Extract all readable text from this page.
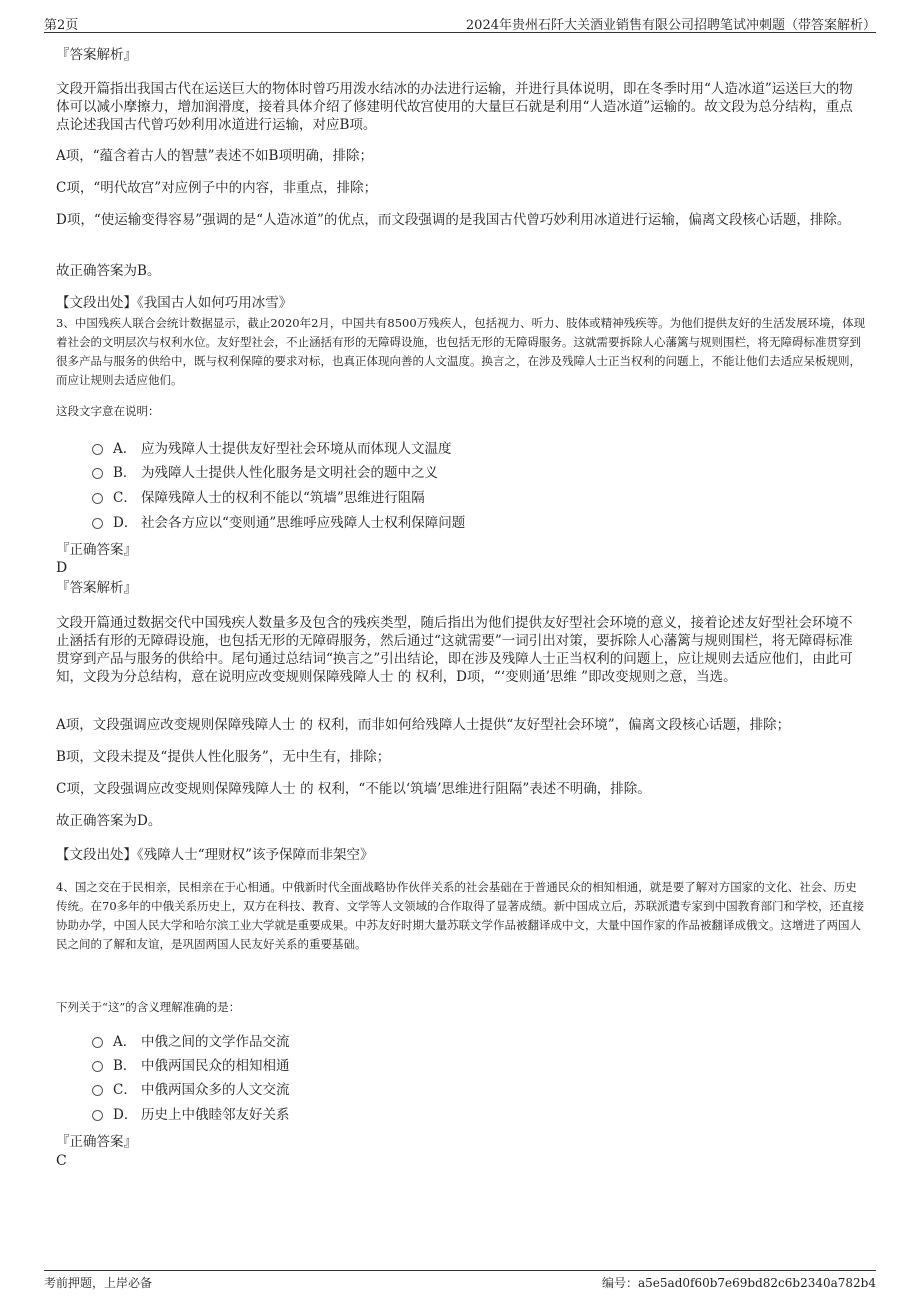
第2页	2024年贵州石阡大关酒业销售有限公司招聘笔试冲刺题（带答案解析）
『答案解析』
文段开篇指出我国古代在运送巨大的物体时曾巧用泼水结冰的办法进行运输，并进行具体说明，即在冬季时用“人造冰道”运送巨大的物体可以减小摩擦力，增加润滑度，接着具体介绍了修建明代故宫使用的大量巨石就是利用“人造冰道”运输的。故文段为总分结构，重点点论述我国古代曾巧妙利用冰道进行运输，对应B项。
A项，“蕴含着古人的智慧”表述不如B项明确，排除；
C项，“明代故宫”对应例子中的内容，非重点，排除；
D项，“使运输变得容易”强调的是“人造冰道”的优点，而文段强调的是我国古代曾巧妙利用冰道进行运输，偏离文段核心话题，排除。
故正确答案为B。
【文段出处】《我国古人如何巧用冰雪》
3、中国残疾人联合会统计数据显示，截止2020年2月，中国共有8500万残疾人，包括视力、听力、肢体或精神残疾等。为他们提供友好的生活发展环境，体现着社会的文明层次与权利水位。友好型社会，不止涵括有形的无障碍设施，也包括无形的无障碍服务。这就需要拆除人心藩篱与规则围栏，将无障碍标准贯穿到很多产品与服务的供给中，既与权利保障的要求对标，也真正体现向善的人文温度。换言之，在涉及残障人士正当权利的问题上，不能让他们去适应呆板规则，而应让规则去适应他们。
这段文字意在说明：
A． 应为残障人士提供友好型社会环境从而体现人文温度
B． 为残障人士提供人性化服务是文明社会的题中之义
C． 保障残障人士的权利不能以“筑墙”思维进行阻隔
D． 社会各方应以“变则通”思维呼应残障人士权利保障问题
『正确答案』
D
『答案解析』
文段开篇通过数据交代中国残疾人数量多及包含的残疾类型，随后指出为他们提供友好型社会环境的意义，接着论述友好型社会环境不止涵括有形的无障碍设施，也包括无形的无障碍服务，然后通过“这就需要”一词引出对策，要拆除人心藩篱与规则围栏，将无障碍标准贯穿到产品与服务的供给中。尾句通过总结词“换言之”引出结论，即在涉及残障人士正当权利的问题上，应让规则去适应他们，由此可知，文段为分总结构，意在说明应改变规则保障残障人士 的 权利，D项，“‘变则通’思维 ”即改变规则之意，当选。
A项，文段强调应改变规则保障残障人士 的 权利，而非如何给残障人士提供“友好型社会环境”，偏离文段核心话题，排除；
B项，文段未提及“提供人性化服务”，无中生有，排除；
C项，文段强调应改变规则保障残障人士 的 权利，“不能以‘筑墙’思维进行阻隔”表述不明确，排除。
故正确答案为D。
【文段出处】《残障人士“理财权”该予保障而非架空》
4、国之交在于民相亲，民相亲在于心相通。中俄新时代全面战略协作伙伴关系的社会基础在于普通民众的相知相通，就是要了解对方国家的文化、社会、历史传统。在70多年的中俄关系历史上，双方在科技、教育、文学等人文领域的合作取得了显著成绩。新中国成立后，苏联派遣专家到中国教育部门和学校，还直接协助办学，中国人民大学和哈尔滨工业大学就是重要成果。中苏友好时期大量苏联文学作品被翻译成中文，大量中国作家的作品被翻译成俄文。这增进了两国人民之间的了解和友谊，是巩固两国人民友好关系的重要基础。
下列关于“这”的含义理解准确的是：
A． 中俄之间的文学作品交流
B． 中俄两国民众的相知相通
C． 中俄两国众多的人文交流
D． 历史上中俄睦邻友好关系
『正确答案』
C
考前押题，上岸必备	编号：a5e5ad0f60b7e69bd82c6b2340a782b4
